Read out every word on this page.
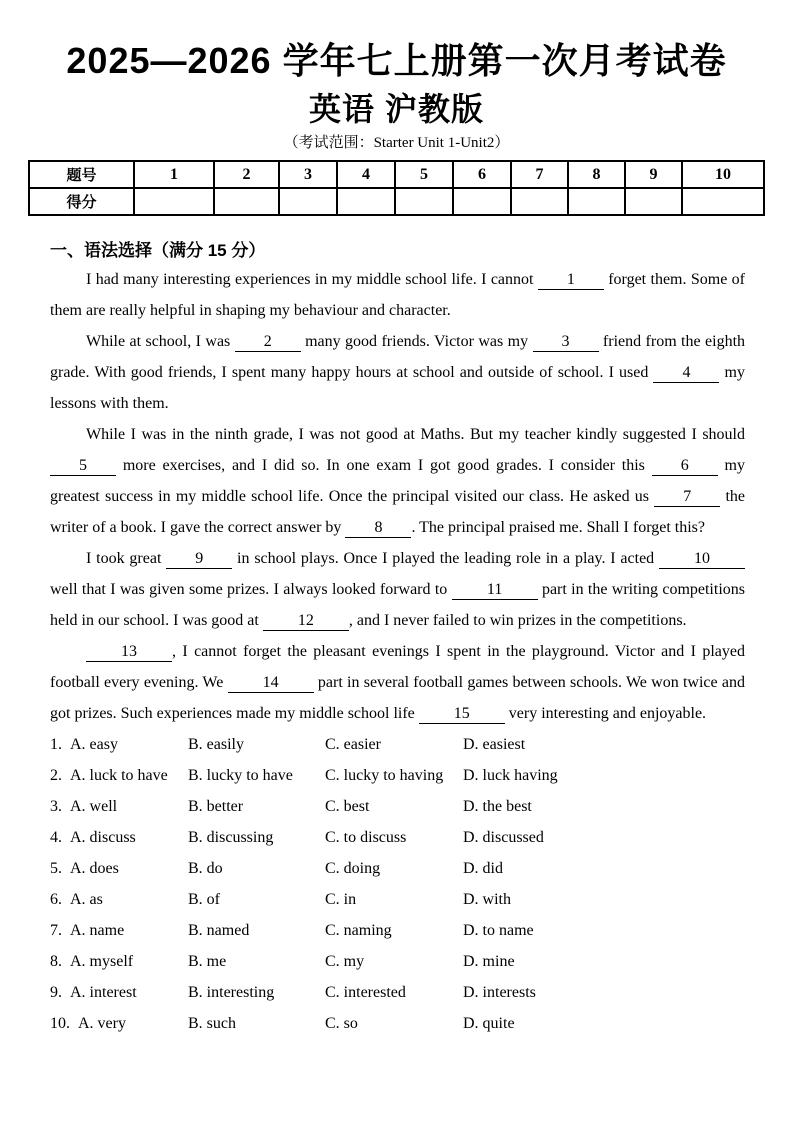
2025—2026 学年七上册第一次月考试卷
英语 沪教版
（考试范围：Starter Unit 1-Unit2）
题号	1	2	3	4	5	6	7	8	9	10
得分										
一、语法选择（满分 15 分）

I had many interesting experiences in my middle school life. I cannot 1 forget them. Some of them are really helpful in shaping my behaviour and character.

While at school, I was 2 many good friends. Victor was my 3 friend from the eighth grade. With good friends, I spent many happy hours at school and outside of school. I used 4 my lessons with them.

While I was in the ninth grade, I was not good at Maths. But my teacher kindly suggested I should 5 more exercises, and I did so. In one exam I got good grades. I consider this 6 my greatest success in my middle school life. Once the principal visited our class. He asked us 7 the writer of a book. I gave the correct answer by 8 . The principal praised me. Shall I forget this?

I took great 9 in school plays. Once I played the leading role in a play. I acted 10 well that I was given some prizes. I always looked forward to 11 part in the writing competitions held in our school. I was good at 12 , and I never failed to win prizes in the competitions.

13 , I cannot forget the pleasant evenings I spent in the playground. Victor and I played football every evening. We 14 part in several football games between schools. We won twice and got prizes. Such experiences made my middle school life 15 very interesting and enjoyable.

1. A. easy	B. easily	C. easier	D. easiest
2. A. luck to have	B. lucky to have	C. lucky to having	D. luck having
3. A. well	B. better	C. best	D. the best
4. A. discuss	B. discussing	C. to discuss	D. discussed
5. A. does	B. do	C. doing	D. did
6. A. as	B. of	C. in	D. with
7. A. name	B. named	C. naming	D. to name
8. A. myself	B. me	C. my	D. mine
9. A. interest	B. interesting	C. interested	D. interests
10. A. very	B. such	C. so	D. quite
